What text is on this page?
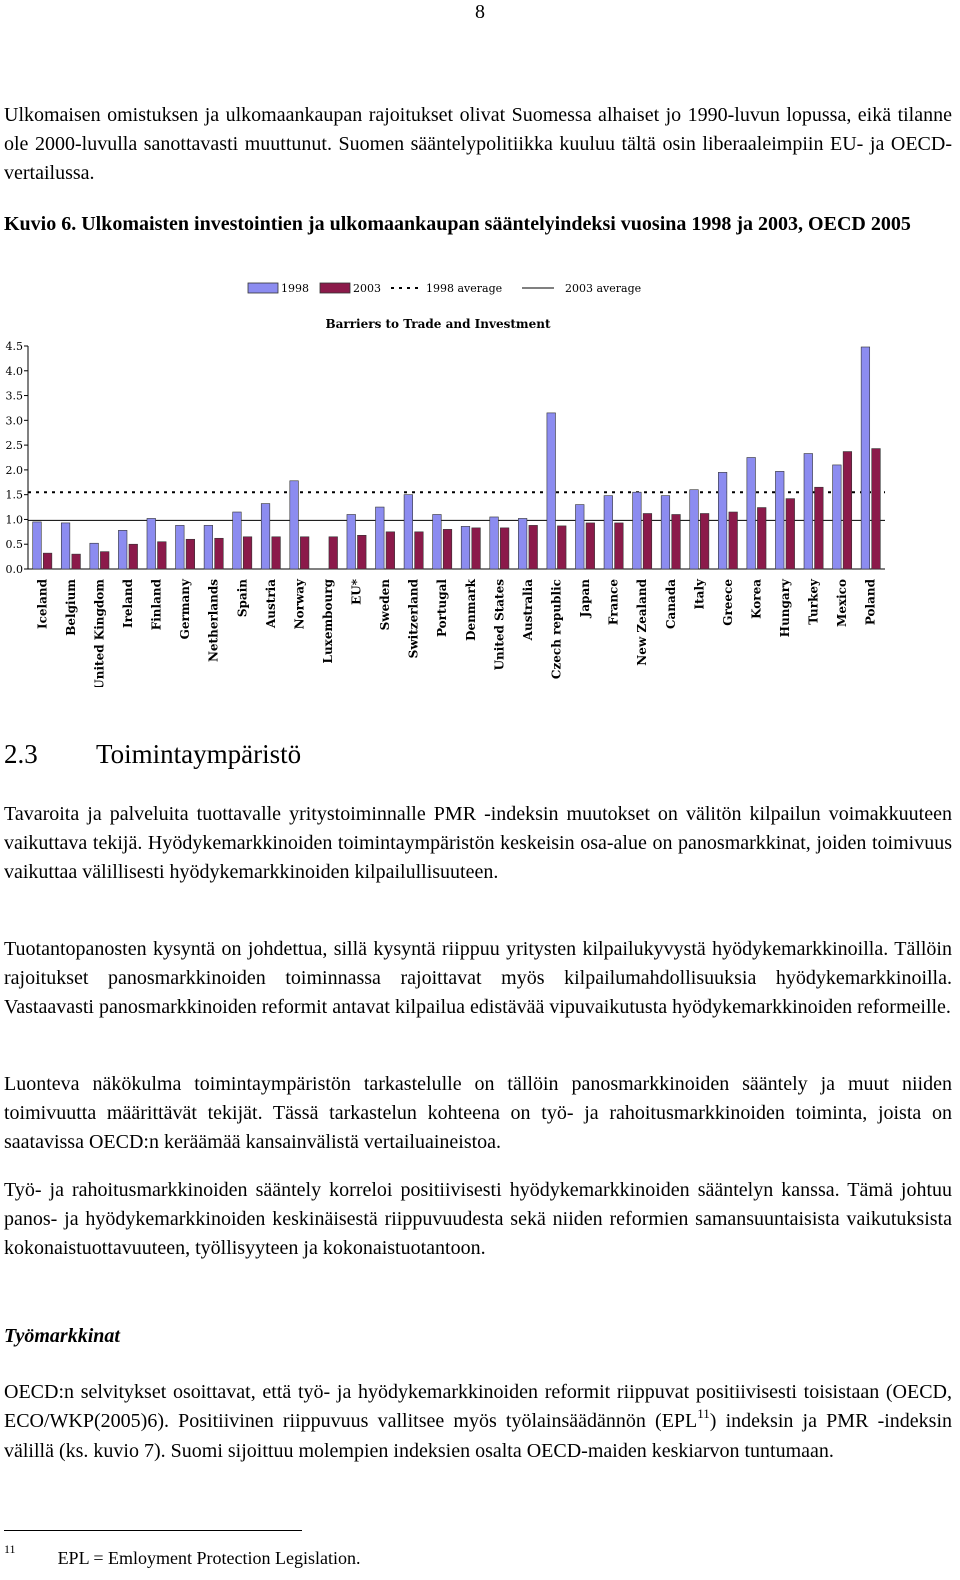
8
Ulkomaisen omistuksen ja ulkomaankaupan rajoitukset olivat Suomessa alhaiset jo 1990-luvun lopussa, eikä tilanne ole 2000-luvulla sanottavasti muuttunut. Suomen sääntelypolitiikka kuuluu tältä osin liberaaleimpiin EU- ja OECD-vertailussa.
Kuvio 6. Ulkomaisten investointien ja ulkomaankaupan sääntelyindeksi vuosina 1998 ja 2003, OECD 2005
1998	2003	1998 average	2003 average
Barriers to Trade and Investment
0.0
0.5
1.0
1.5
2.0
2.5
3.0
3.5
4.0
4.5
Iceland Belgium United Kingdom Ireland Finland Germany Netherlands Spain Austria Norway Luxembourg EU* Sweden Switzerland Portugal Denmark United States Australia Czech republic Japan France New Zealand Canada Italy Greece Korea Hungary Turkey Mexico Poland
2.3 Toimintaympäristö
Tavaroita ja palveluita tuottavalle yritystoiminnalle PMR -indeksin muutokset on välitön kilpailun voimakkuuteen vaikuttava tekijä. Hyödykemarkkinoiden toimintaympäristön keskeisin osa-alue on panosmarkkinat, joiden toimivuus vaikuttaa välillisesti hyödykemarkkinoiden kilpailullisuuteen.
Tuotantopanosten kysyntä on johdettua, sillä kysyntä riippuu yritysten kilpailukyvystä hyödykemarkkinoilla. Tällöin rajoitukset panosmarkkinoiden toiminnassa rajoittavat myös kilpailumahdollisuuksia hyödykemarkkinoilla. Vastaavasti panosmarkkinoiden reformit antavat kilpailua edistävää vipuvaikutusta hyödykemarkkinoiden reformeille.
Luonteva näkökulma toimintaympäristön tarkastelulle on tällöin panosmarkkinoiden sääntely ja muut niiden toimivuutta määrittävät tekijät. Tässä tarkastelun kohteena on työ- ja rahoitusmarkkinoiden toiminta, joista on saatavissa OECD:n keräämää kansainvälistä vertailuaineistoa.
Työ- ja rahoitusmarkkinoiden sääntely korreloi positiivisesti hyödykemarkkinoiden sääntelyn kanssa. Tämä johtuu panos- ja hyödykemarkkinoiden keskinäisestä riippuvuudesta sekä niiden reformien samansuuntaisista vaikutuksista kokonaistuottavuuteen, työllisyyteen ja kokonaistuotantoon.
Työmarkkinat
OECD:n selvitykset osoittavat, että työ- ja hyödykemarkkinoiden reformit riippuvat positiivisesti toisistaan (OECD, ECO/WKP(2005)6). Positiivinen riippuvuus vallitsee myös työlainsäädännön (EPL$^{11}$) indeksin ja PMR -indeksin välillä (ks. kuvio 7). Suomi sijoittuu molempien indeksien osalta OECD-maiden keskiarvon tuntumaan.
$^{11}$ EPL = Emloyment Protection Legislation.
